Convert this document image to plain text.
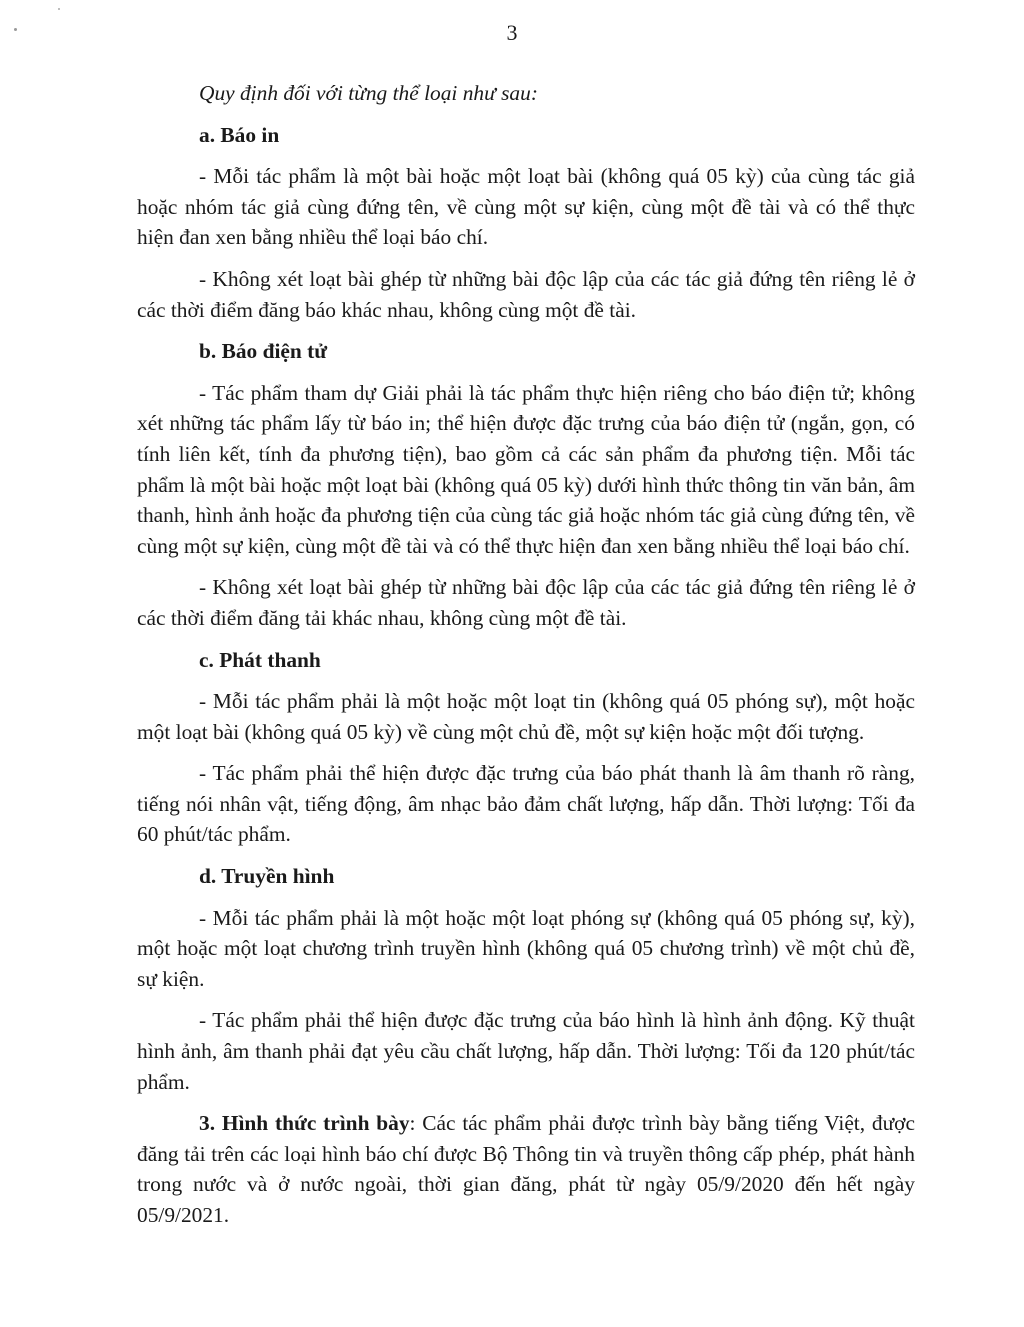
3

Quy định đối với từng thể loại như sau:

a. Báo in

- Mỗi tác phẩm là một bài hoặc một loạt bài (không quá 05 kỳ) của cùng tác giả hoặc nhóm tác giả cùng đứng tên, về cùng một sự kiện, cùng một đề tài và có thể thực hiện đan xen bằng nhiều thể loại báo chí.

- Không xét loạt bài ghép từ những bài độc lập của các tác giả đứng tên riêng lẻ ở các thời điểm đăng báo khác nhau, không cùng một đề tài.

b. Báo điện tử

- Tác phẩm tham dự Giải phải là tác phẩm thực hiện riêng cho báo điện tử; không xét những tác phẩm lấy từ báo in; thể hiện được đặc trưng của báo điện tử (ngắn, gọn, có tính liên kết, tính đa phương tiện), bao gồm cả các sản phẩm đa phương tiện. Mỗi tác phẩm là một bài hoặc một loạt bài (không quá 05 kỳ) dưới hình thức thông tin văn bản, âm thanh, hình ảnh hoặc đa phương tiện của cùng tác giả hoặc nhóm tác giả cùng đứng tên, về cùng một sự kiện, cùng một đề tài và có thể thực hiện đan xen bằng nhiều thể loại báo chí.

- Không xét loạt bài ghép từ những bài độc lập của các tác giả đứng tên riêng lẻ ở các thời điểm đăng tải khác nhau, không cùng một đề tài.

c. Phát thanh

- Mỗi tác phẩm phải là một hoặc một loạt tin (không quá 05 phóng sự), một hoặc một loạt bài (không quá 05 kỳ) về cùng một chủ đề, một sự kiện hoặc một đối tượng.

- Tác phẩm phải thể hiện được đặc trưng của báo phát thanh là âm thanh rõ ràng, tiếng nói nhân vật, tiếng động, âm nhạc bảo đảm chất lượng, hấp dẫn. Thời lượng: Tối đa 60 phút/tác phẩm.

d. Truyền hình

- Mỗi tác phẩm phải là một hoặc một loạt phóng sự (không quá 05 phóng sự, kỳ), một hoặc một loạt chương trình truyền hình (không quá 05 chương trình) về một chủ đề, sự kiện.

- Tác phẩm phải thể hiện được đặc trưng của báo hình là hình ảnh động. Kỹ thuật hình ảnh, âm thanh phải đạt yêu cầu chất lượng, hấp dẫn. Thời lượng: Tối đa 120 phút/tác phẩm.

3. Hình thức trình bày: Các tác phẩm phải được trình bày bằng tiếng Việt, được đăng tải trên các loại hình báo chí được Bộ Thông tin và truyền thông cấp phép, phát hành trong nước và ở nước ngoài, thời gian đăng, phát từ ngày 05/9/2020 đến hết ngày 05/9/2021.
